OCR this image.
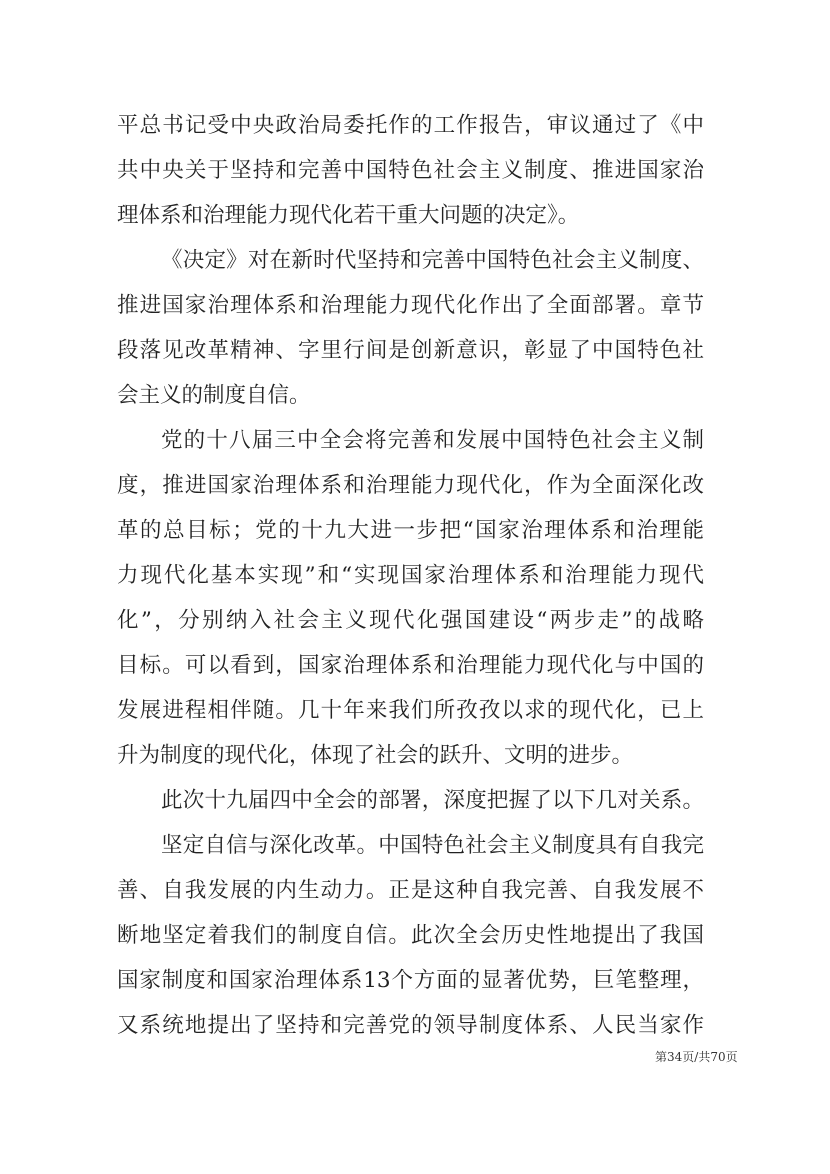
平总书记受中央政治局委托作的工作报告，审议通过了《中
共中央关于坚持和完善中国特色社会主义制度、推进国家治
理体系和治理能力现代化若干重大问题的决定》。
《决定》对在新时代坚持和完善中国特色社会主义制度、
推进国家治理体系和治理能力现代化作出了全面部署。章节
段落见改革精神、字里行间是创新意识，彰显了中国特色社
会主义的制度自信。
党的十八届三中全会将完善和发展中国特色社会主义制
度，推进国家治理体系和治理能力现代化，作为全面深化改
革的总目标；党的十九大进一步把“国家治理体系和治理能
力现代化基本实现”和“实现国家治理体系和治理能力现代
化”，分别纳入社会主义现代化强国建设“两步走”的战略
目标。可以看到，国家治理体系和治理能力现代化与中国的
发展进程相伴随。几十年来我们所孜孜以求的现代化，已上
升为制度的现代化，体现了社会的跃升、文明的进步。
此次十九届四中全会的部署，深度把握了以下几对关系。
坚定自信与深化改革。中国特色社会主义制度具有自我完
善、自我发展的内生动力。正是这种自我完善、自我发展不
断地坚定着我们的制度自信。此次全会历史性地提出了我国
国家制度和国家治理体系13个方面的显著优势，巨笔整理，
又系统地提出了坚持和完善党的领导制度体系、人民当家作
第34页/共70页
